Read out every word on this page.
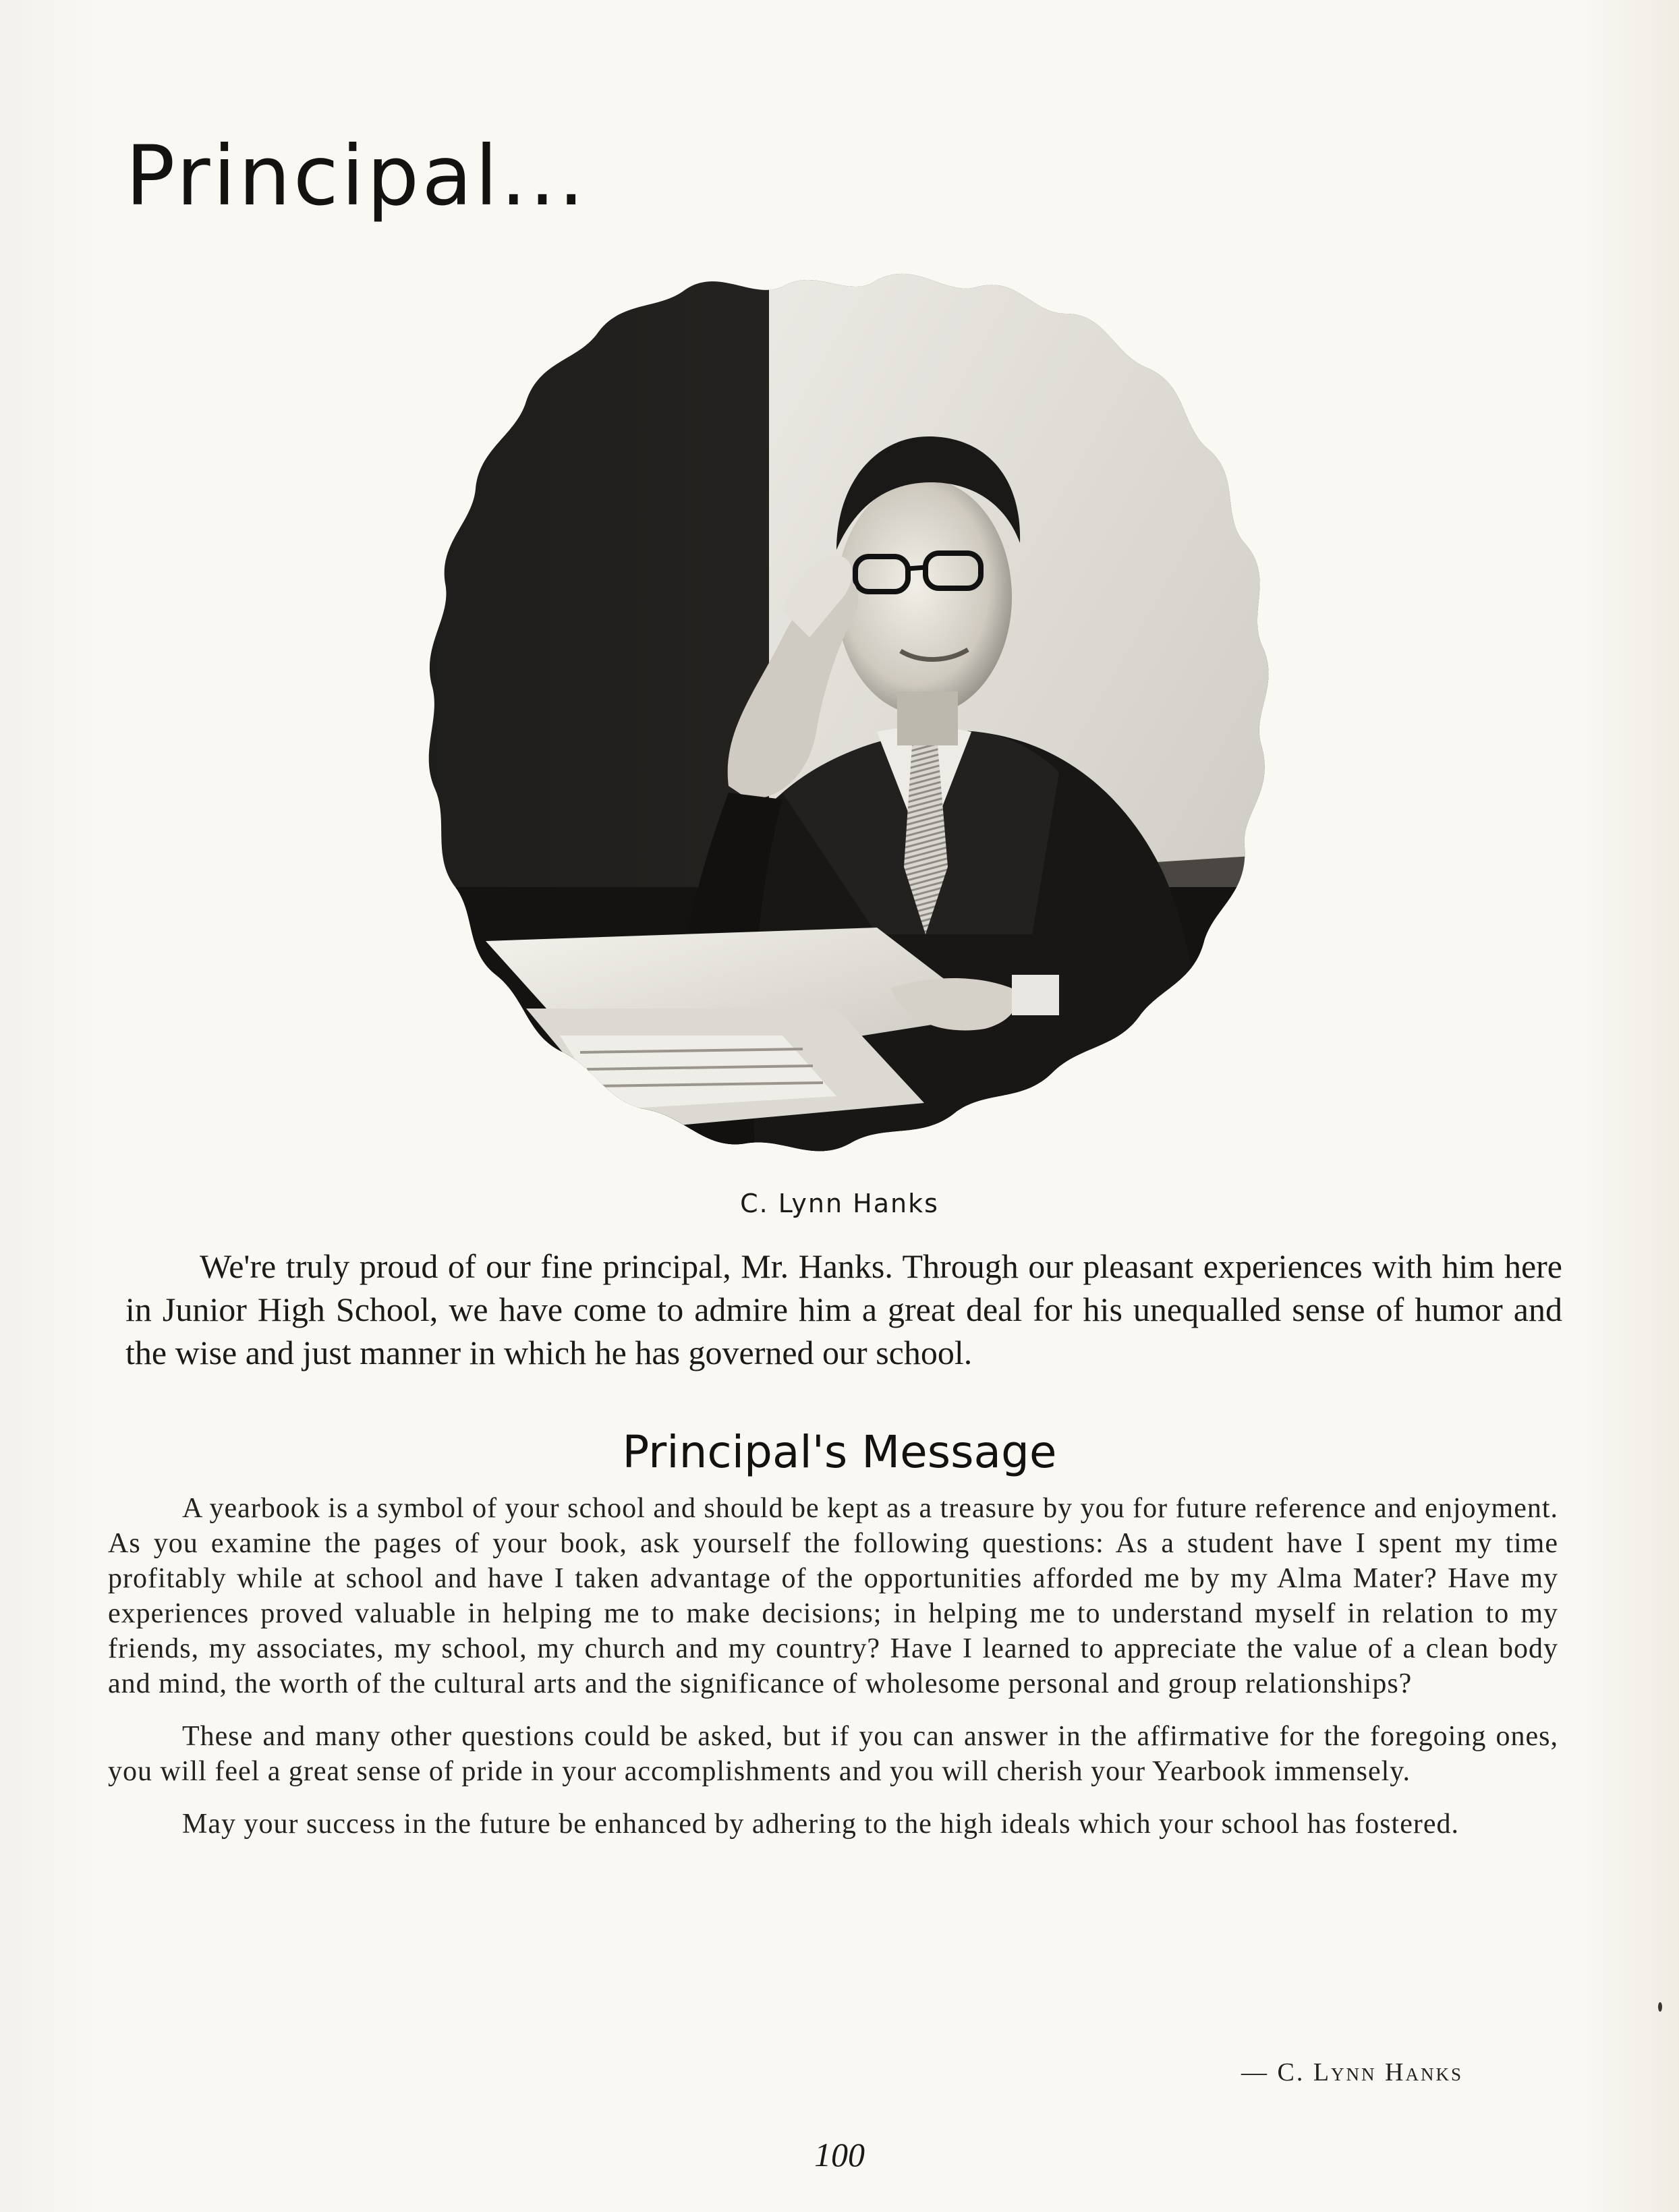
Principal...
C. Lynn Hanks

We're truly proud of our fine principal, Mr. Hanks. Through our pleasant experiences with him here in Junior High School, we have come to admire him a great deal for his unequalled sense of humor and the wise and just manner in which he has governed our school.

Principal's Message

A yearbook is a symbol of your school and should be kept as a treasure by you for future reference and enjoyment. As you examine the pages of your book, ask yourself the following questions: As a student have I spent my time profitably while at school and have I taken advantage of the opportunities afforded me by my Alma Mater? Have my experiences proved valuable in helping me to make decisions; in helping me to understand myself in relation to my friends, my associates, my school, my church and my country? Have I learned to appreciate the value of a clean body and mind, the worth of the cultural arts and the significance of wholesome personal and group relationships?

These and many other questions could be asked, but if you can answer in the affirmative for the foregoing ones, you will feel a great sense of pride in your accomplishments and you will cherish your Yearbook immensely.

May your success in the future be enhanced by adhering to the high ideals which your school has fostered.

— C. Lynn Hanks
100
